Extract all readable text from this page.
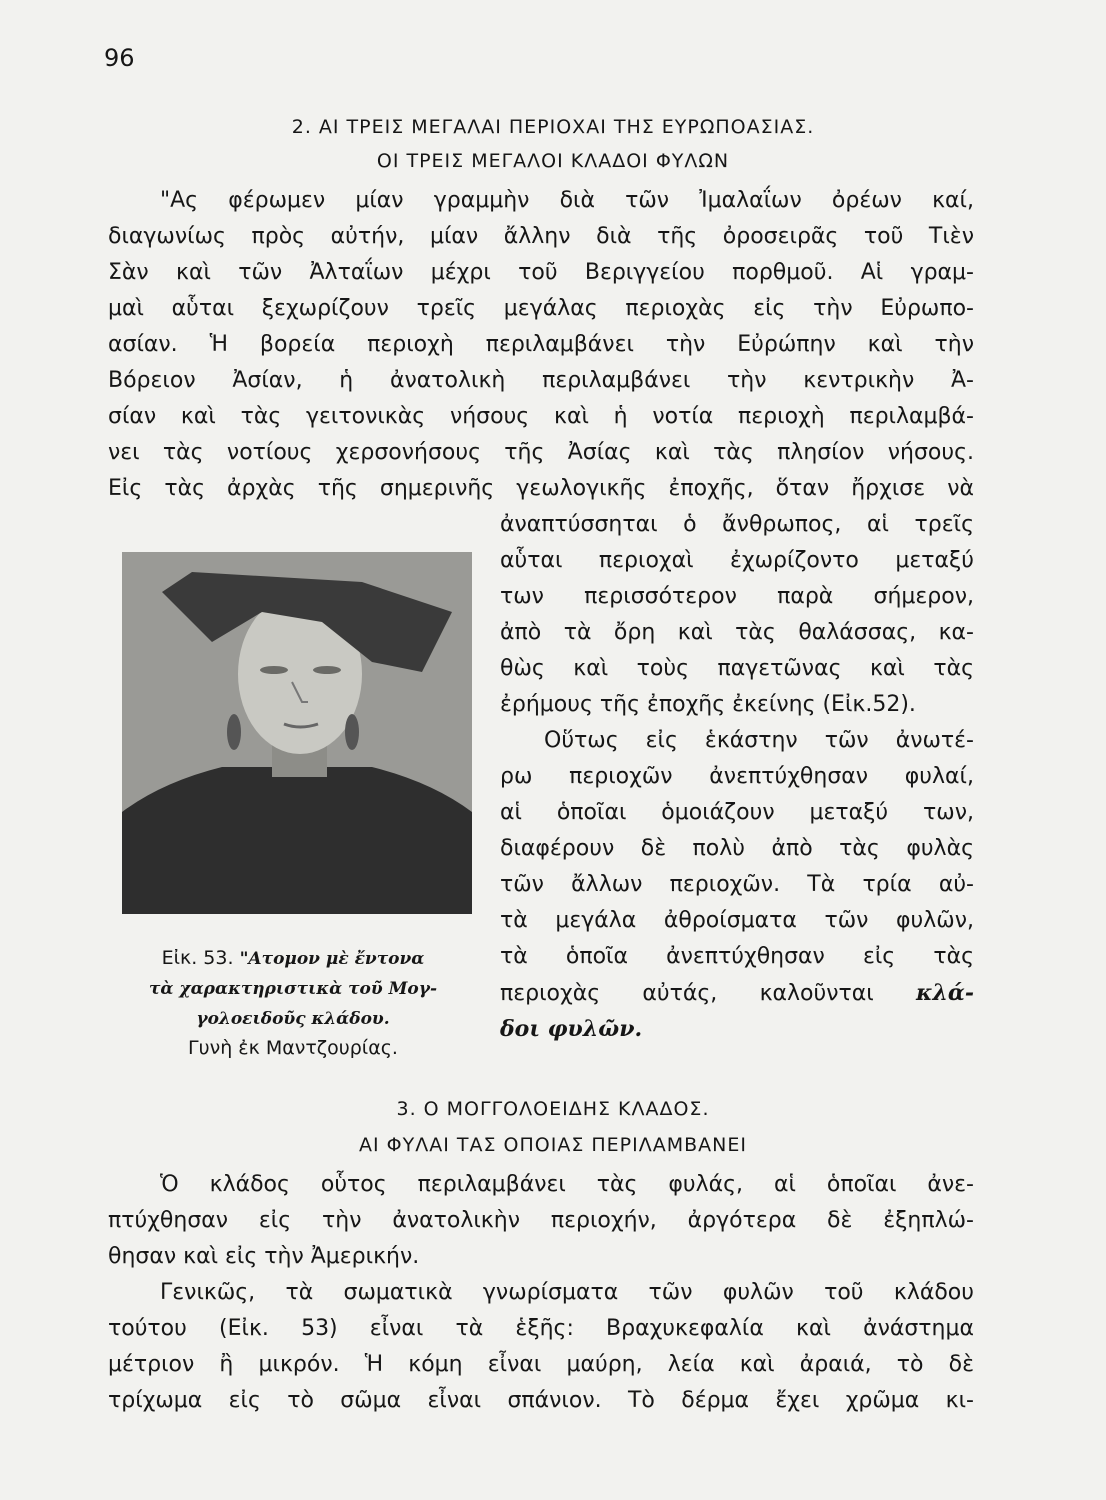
96
2. ΑΙ ΤΡΕΙΣ ΜΕΓΑΛΑΙ ΠΕΡΙΟΧΑΙ ΤΗΣ ΕΥΡΩΠΟΑΣΙΑΣ.
ΟΙ ΤΡΕΙΣ ΜΕΓΑΛΟΙ ΚΛΑΔΟΙ ΦΥΛΩΝ
"Ας φέρωμεν μίαν γραμμὴν διὰ τῶν Ἰμαλαΐων ὀρέων καί,
διαγωνίως πρὸς αὐτήν, μίαν ἄλλην διὰ τῆς ὀροσειρᾶς τοῦ Τιὲν
Σὰν καὶ τῶν Ἀλταΐων μέχρι τοῦ Βεριγγείου πορθμοῦ. Αἱ γραμ-
μαὶ αὗται ξεχωρίζουν τρεῖς μεγάλας περιοχὰς εἰς τὴν Εὐρωπο-
ασίαν. Ἡ βορεία περιοχὴ περιλαμβάνει τὴν Εὐρώπην καὶ τὴν
Βόρειον Ἀσίαν, ἡ ἀνατολικὴ περιλαμβάνει τὴν κεντρικὴν Ἀ-
σίαν καὶ τὰς γειτονικὰς νήσους καὶ ἡ νοτία περιοχὴ περιλαμβά-
νει τὰς νοτίους χερσονήσους τῆς Ἀσίας καὶ τὰς πλησίον νήσους.
Εἰς τὰς ἀρχὰς τῆς σημερινῆς γεωλογικῆς ἐποχῆς, ὅταν ἤρχισε νὰ
ἀναπτύσσηται ὁ ἄνθρωπος, αἱ τρεῖς
αὗται περιοχαὶ ἐχωρίζοντο μεταξύ
των περισσότερον παρὰ σήμερον,
ἀπὸ τὰ ὄρη καὶ τὰς θαλάσσας, κα-
θὼς καὶ τοὺς παγετῶνας καὶ τὰς
ἐρήμους τῆς ἐποχῆς ἐκείνης (Εἰκ.52).
Οὕτως εἰς ἑκάστην τῶν ἀνωτέ-
ρω περιοχῶν ἀνεπτύχθησαν φυλαί,
αἱ ὁποῖαι ὁμοιάζουν μεταξύ των,
διαφέρουν δὲ πολὺ ἀπὸ τὰς φυλὰς
τῶν ἄλλων περιοχῶν. Τὰ τρία αὐ-
τὰ μεγάλα ἀθροίσματα τῶν φυλῶν,
τὰ ὁποῖα ἀνεπτύχθησαν εἰς τὰς
περιοχὰς αὐτάς, καλοῦνται κλά-
δοι φυλῶν.
Εἰκ. 53. "Ατομον μὲ ἔντονα
τὰ χαρακτηριστικὰ τοῦ Μογ-
γολοειδοῦς κλάδου.
Γυνὴ ἐκ Μαντζουρίας.
3. Ο ΜΟΓΓΟΛΟΕΙΔΗΣ ΚΛΑΔΟΣ.
ΑΙ ΦΥΛΑΙ ΤΑΣ ΟΠΟΙΑΣ ΠΕΡΙΛΑΜΒΑΝΕΙ
Ὁ κλάδος οὗτος περιλαμβάνει τὰς φυλάς, αἱ ὁποῖαι ἀνε-
πτύχθησαν εἰς τὴν ἀνατολικὴν περιοχήν, ἀργότερα δὲ ἐξηπλώ-
θησαν καὶ εἰς τὴν Ἀμερικήν.
Γενικῶς, τὰ σωματικὰ γνωρίσματα τῶν φυλῶν τοῦ κλάδου
τούτου (Εἰκ. 53) εἶναι τὰ ἑξῆς: Βραχυκεφαλία καὶ ἀνάστημα
μέτριον ἢ μικρόν. Ἡ κόμη εἶναι μαύρη, λεία καὶ ἀραιά, τὸ δὲ
τρίχωμα εἰς τὸ σῶμα εἶναι σπάνιον. Τὸ δέρμα ἔχει χρῶμα κι-
